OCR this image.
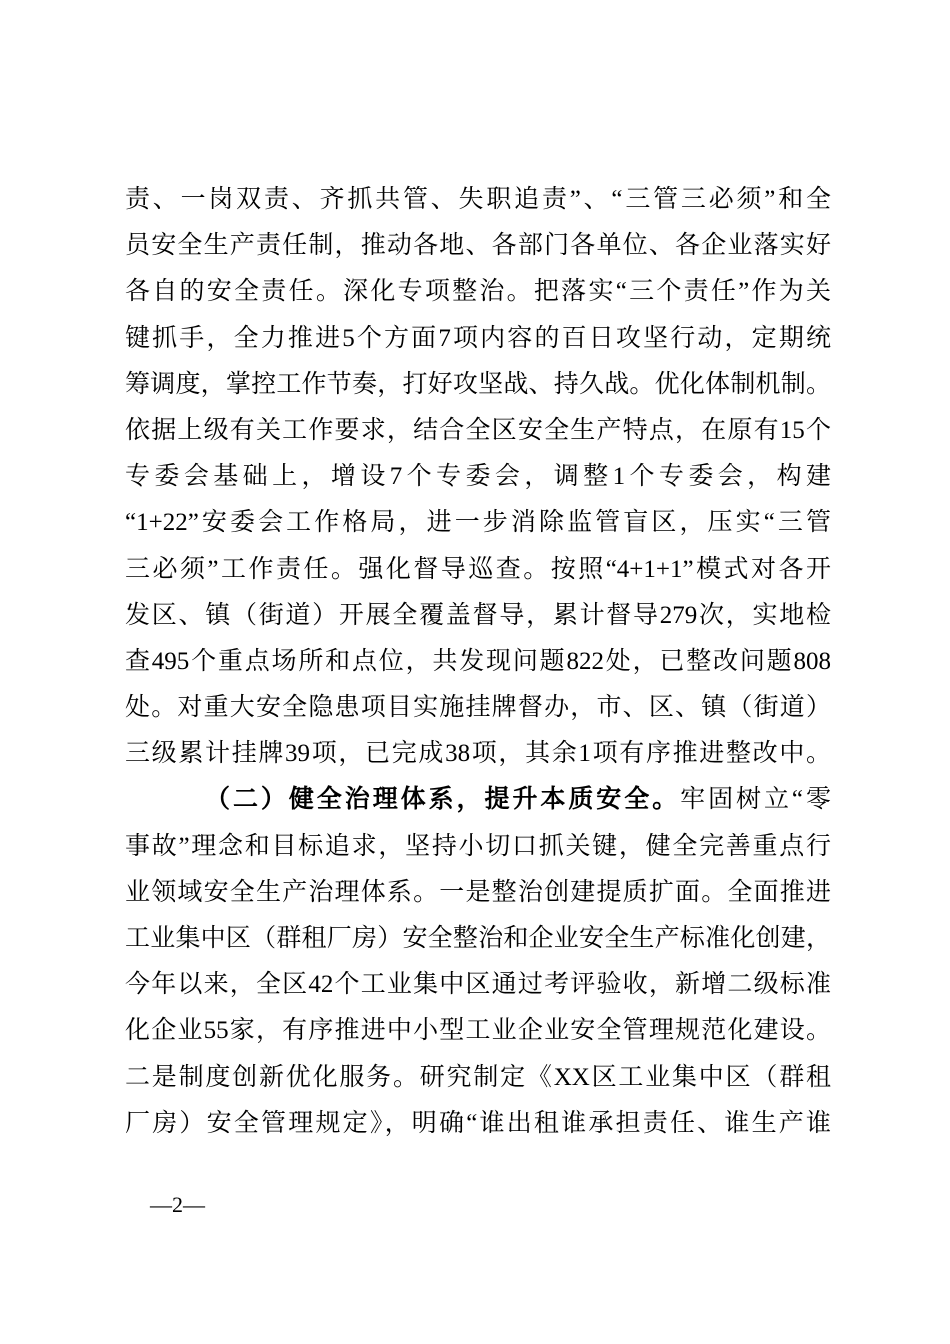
责、一岗双责、齐抓共管、失职追责”、“三管三必须”和全
员安全生产责任制，推动各地、各部门各单位、各企业落实好
各自的安全责任。深化专项整治。把落实“三个责任”作为关
键抓手，全力推进5个方面7项内容的百日攻坚行动，定期统
筹调度，掌控工作节奏，打好攻坚战、持久战。优化体制机制。
依据上级有关工作要求，结合全区安全生产特点，在原有15个
专委会基础上，增设7个专委会，调整1个专委会，构建
“1+22”安委会工作格局，进一步消除监管盲区，压实“三管
三必须”工作责任。强化督导巡查。按照“4+1+1”模式对各开
发区、镇（街道）开展全覆盖督导，累计督导279次，实地检
查495个重点场所和点位，共发现问题822处，已整改问题808
处。对重大安全隐患项目实施挂牌督办，市、区、镇（街道）
三级累计挂牌39项，已完成38项，其余1项有序推进整改中。
（二）健全治理体系，提升本质安全。牢固树立“零
事故”理念和目标追求，坚持小切口抓关键，健全完善重点行
业领域安全生产治理体系。一是整治创建提质扩面。全面推进
工业集中区（群租厂房）安全整治和企业安全生产标准化创建，
今年以来，全区42个工业集中区通过考评验收，新增二级标准
化企业55家，有序推进中小型工业企业安全管理规范化建设。
二是制度创新优化服务。研究制定《XX区工业集中区（群租
厂房）安全管理规定》，明确“谁出租谁承担责任、谁生产谁
—2—
